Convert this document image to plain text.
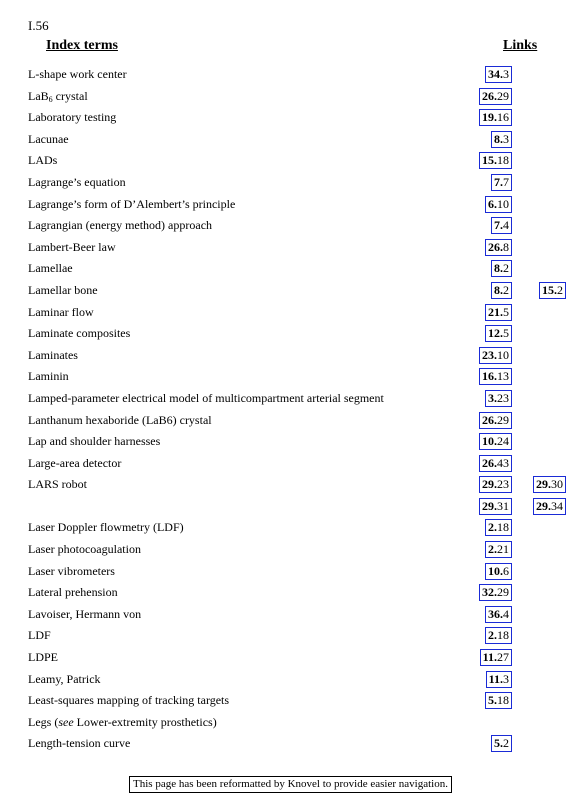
I.56
Index terms	Links
L-shape work center	34.3
LaB$_6$ crystal	26.29
Laboratory testing	19.16
Lacunae	8.3
LADs	15.18
Lagrange’s equation	7.7
Lagrange’s form of D’Alembert’s principle	6.10
Lagrangian (energy method) approach	7.4
Lambert-Beer law	26.8
Lamellae	8.2
Lamellar bone	8.2	15.2
Laminar flow	21.5
Laminate composites	12.5
Laminates	23.10
Laminin	16.13
Lamped-parameter electrical model of multicompartment arterial segment	3.23
Lanthanum hexaboride (LaB6) crystal	26.29
Lap and shoulder harnesses	10.24
Large-area detector	26.43
LARS robot	29.23 29.30
29.31 29.34
Laser Doppler flowmetry (LDF)	2.18
Laser photocoagulation	2.21
Laser vibrometers	10.6
Lateral prehension	32.29
Lavoiser, Hermann von	36.4
LDF	2.18
LDPE	11.27
Leamy, Patrick	11.3
Least-squares mapping of tracking targets	5.18
Legs (see Lower-extremity prosthetics)
Length-tension curve	5.2
This page has been reformatted by Knovel to provide easier navigation.
